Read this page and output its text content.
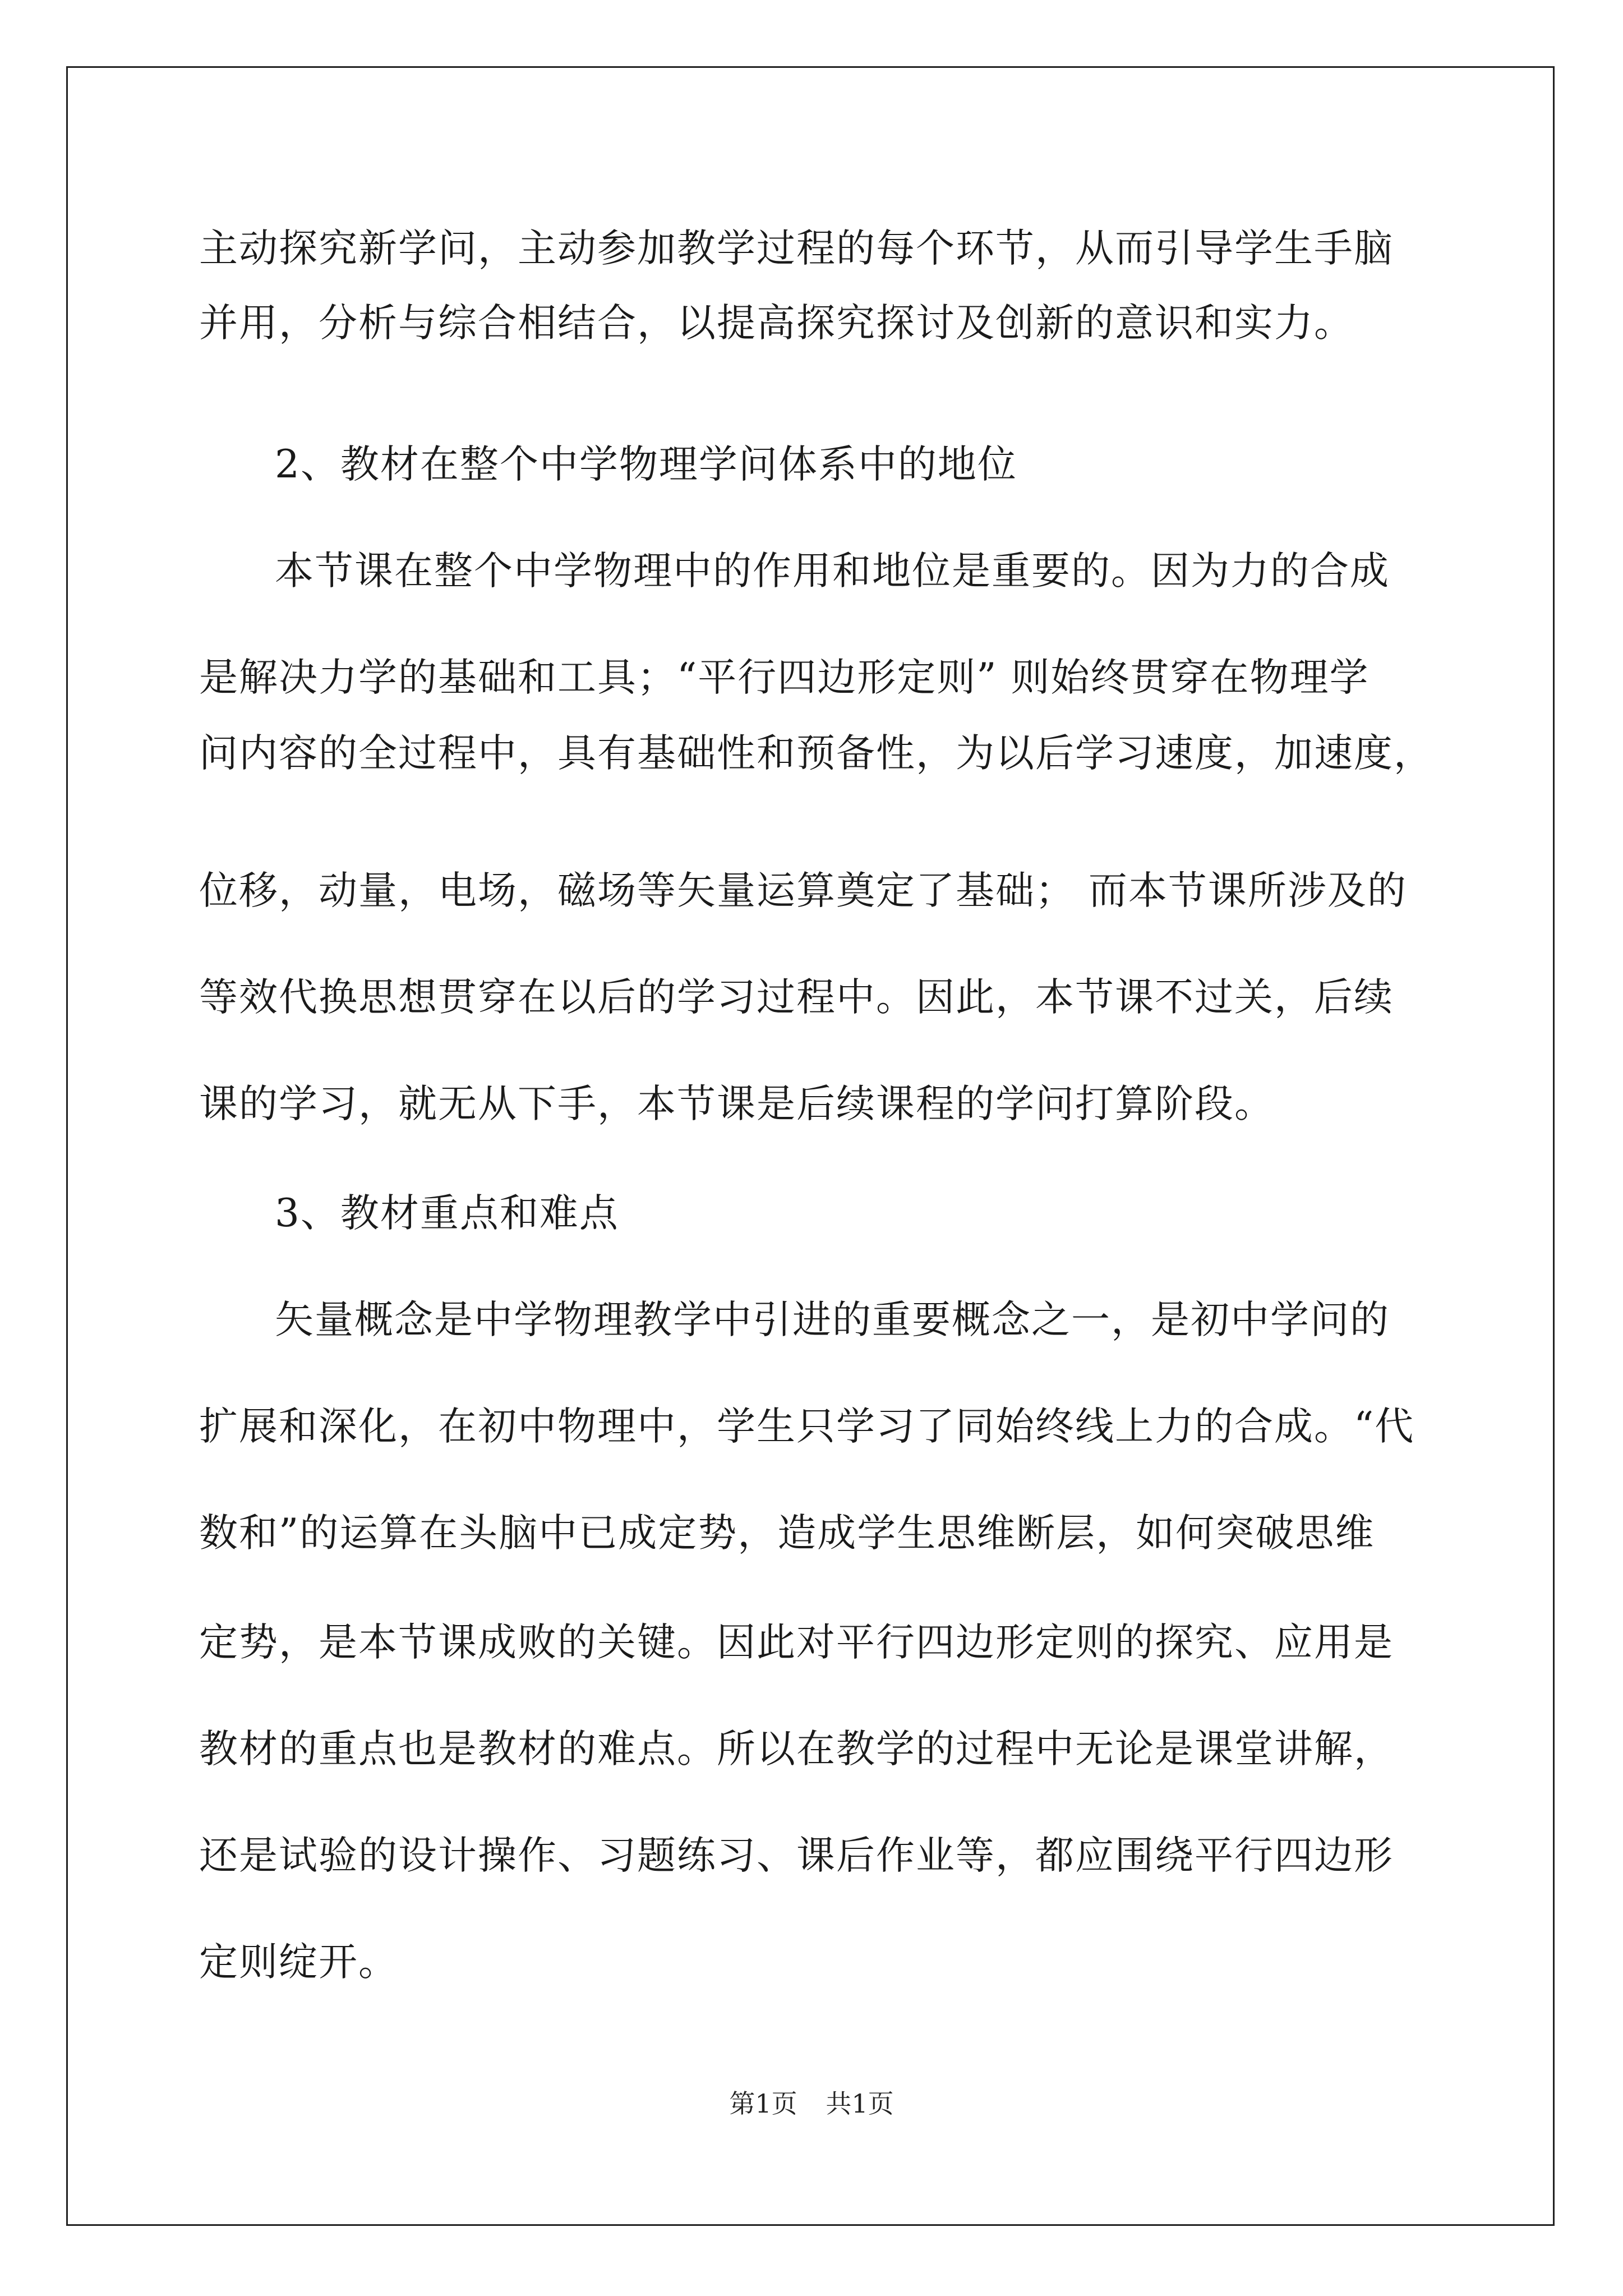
主动探究新学问，主动参加教学过程的每个环节，从而引导学生手脑
并用，分析与综合相结合，以提高探究探讨及创新的意识和实力。
2、教材在整个中学物理学问体系中的地位
本节课在整个中学物理中的作用和地位是重要的。因为力的合成
是解决力学的基础和工具；“平行四边形定则” 则始终贯穿在物理学
问内容的全过程中，具有基础性和预备性，为以后学习速度，加速度，
位移，动量，电场，磁场等矢量运算奠定了基础； 而本节课所涉及的
等效代换思想贯穿在以后的学习过程中。因此，本节课不过关，后续
课的学习，就无从下手，本节课是后续课程的学问打算阶段。
3、教材重点和难点
矢量概念是中学物理教学中引进的重要概念之一，是初中学问的
扩展和深化，在初中物理中，学生只学习了同始终线上力的合成。“代
数和”的运算在头脑中已成定势，造成学生思维断层，如何突破思维
定势，是本节课成败的关键。因此对平行四边形定则的探究、应用是
教材的重点也是教材的难点。所以在教学的过程中无论是课堂讲解，
还是试验的设计操作、习题练习、课后作业等，都应围绕平行四边形
定则绽开。
第1页 共1页
